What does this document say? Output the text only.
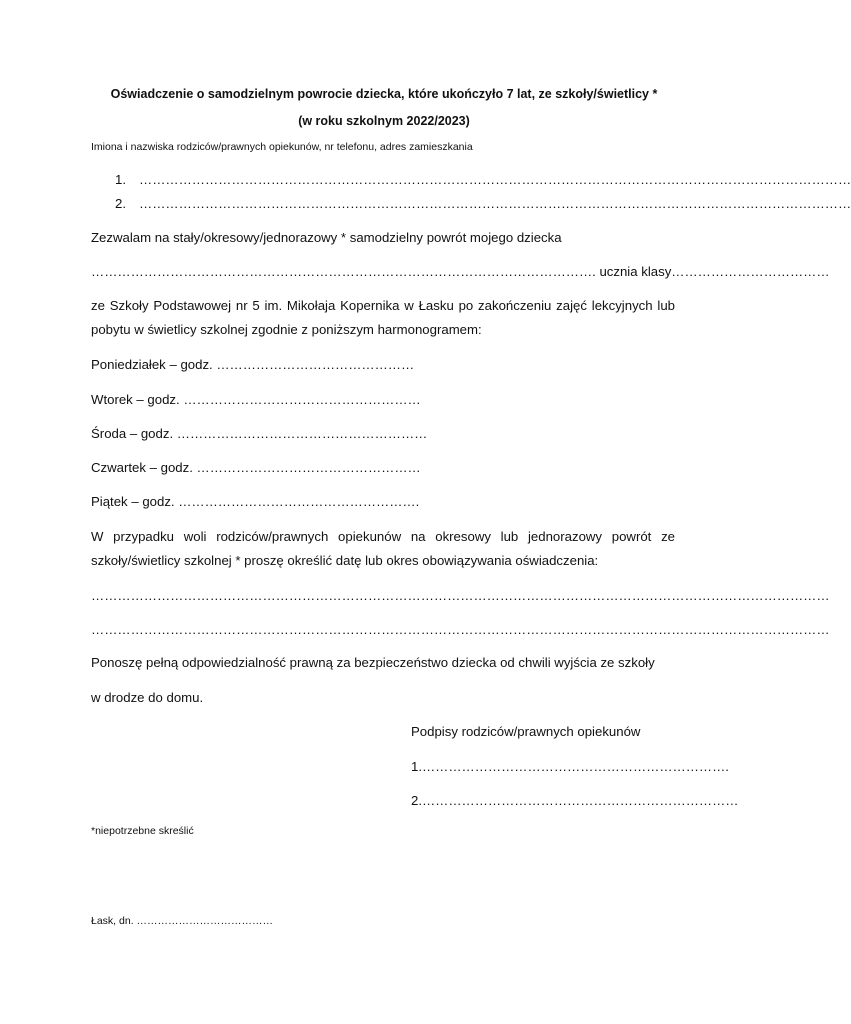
Oświadczenie o samodzielnym powrocie dziecka, które ukończyło 7 lat, ze szkoły/świetlicy *
(w roku szkolnym 2022/2023)
Imiona i nazwiska rodziców/prawnych opiekunów, nr telefonu, adres zamieszkania
1. ………………………………………………………………………………………………………………………………………………
2. ………………………………………………………………………………………………………………………………………………
Zezwalam na stały/okresowy/jednorazowy * samodzielny powrót mojego dziecka
……………………………………………………………………………………………………. ucznia klasy………………………………
ze Szkoły Podstawowej nr 5 im. Mikołaja Kopernika w Łasku po zakończeniu zajęć lekcyjnych lub
pobytu w świetlicy szkolnej zgodnie z poniższym harmonogramem:
Poniedziałek – godz. ………………………………………
Wtorek – godz. ………………………………………………
Środa – godz. …………………………………………………
Czwartek – godz. ……………………………………………
Piątek – godz. ……………………………………………….
W przypadku woli rodziców/prawnych opiekunów na okresowy lub jednorazowy powrót ze
szkoły/świetlicy szkolnej * proszę określić datę lub okres obowiązywania oświadczenia:
……………………………………………………………………………………………………………………………………………………
……………………………………………………………………………………………………………………………………………………
Ponoszę pełną odpowiedzialność prawną za bezpieczeństwo dziecka od chwili wyjścia ze szkoły
w drodze do domu.
Podpisy rodziców/prawnych opiekunów
1.…………………………………………………………….
2.………………………………………………………………
*niepotrzebne skreślić
Łask, dn. …………………………………
